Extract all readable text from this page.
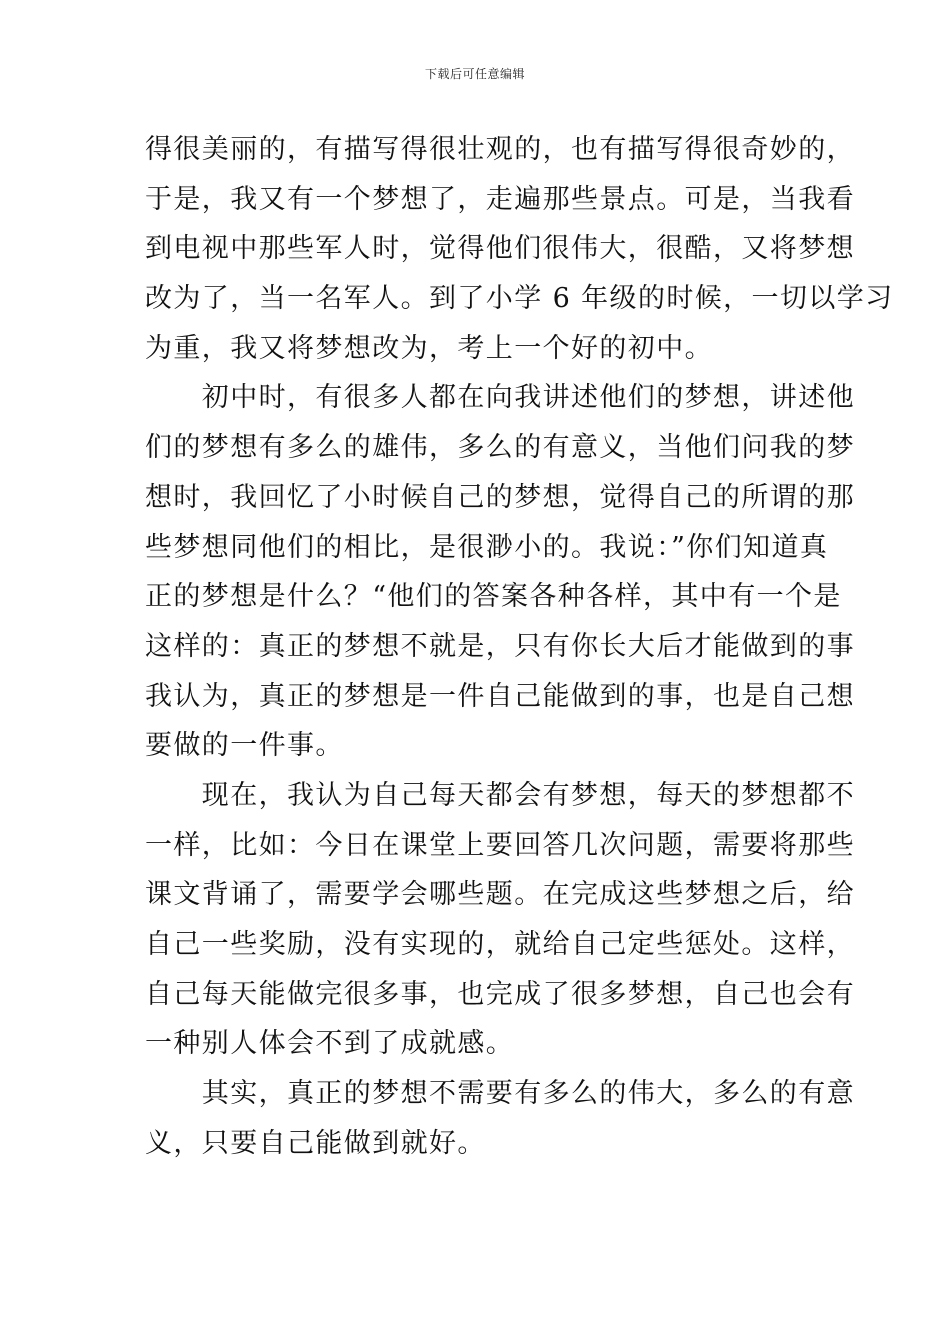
下载后可任意编辑
得很美丽的，有描写得很壮观的，也有描写得很奇妙的，
于是，我又有一个梦想了，走遍那些景点。可是，当我看
到电视中那些军人时，觉得他们很伟大，很酷，又将梦想
改为了，当一名军人。到了小学 6 年级的时候，一切以学习
为重，我又将梦想改为，考上一个好的初中。
　　初中时，有很多人都在向我讲述他们的梦想，讲述他
们的梦想有多么的雄伟，多么的有意义，当他们问我的梦
想时，我回忆了小时候自己的梦想，觉得自己的所谓的那
些梦想同他们的相比，是很渺小的。我说：”你们知道真
正的梦想是什么？“他们的答案各种各样，其中有一个是
这样的：真正的梦想不就是，只有你长大后才能做到的事
我认为，真正的梦想是一件自己能做到的事，也是自己想
要做的一件事。
　　现在，我认为自己每天都会有梦想，每天的梦想都不
一样，比如：今日在课堂上要回答几次问题，需要将那些
课文背诵了，需要学会哪些题。在完成这些梦想之后，给
自己一些奖励，没有实现的，就给自己定些惩处。这样，
自己每天能做完很多事，也完成了很多梦想，自己也会有
一种别人体会不到了成就感。
　　其实，真正的梦想不需要有多么的伟大，多么的有意
义，只要自己能做到就好。
